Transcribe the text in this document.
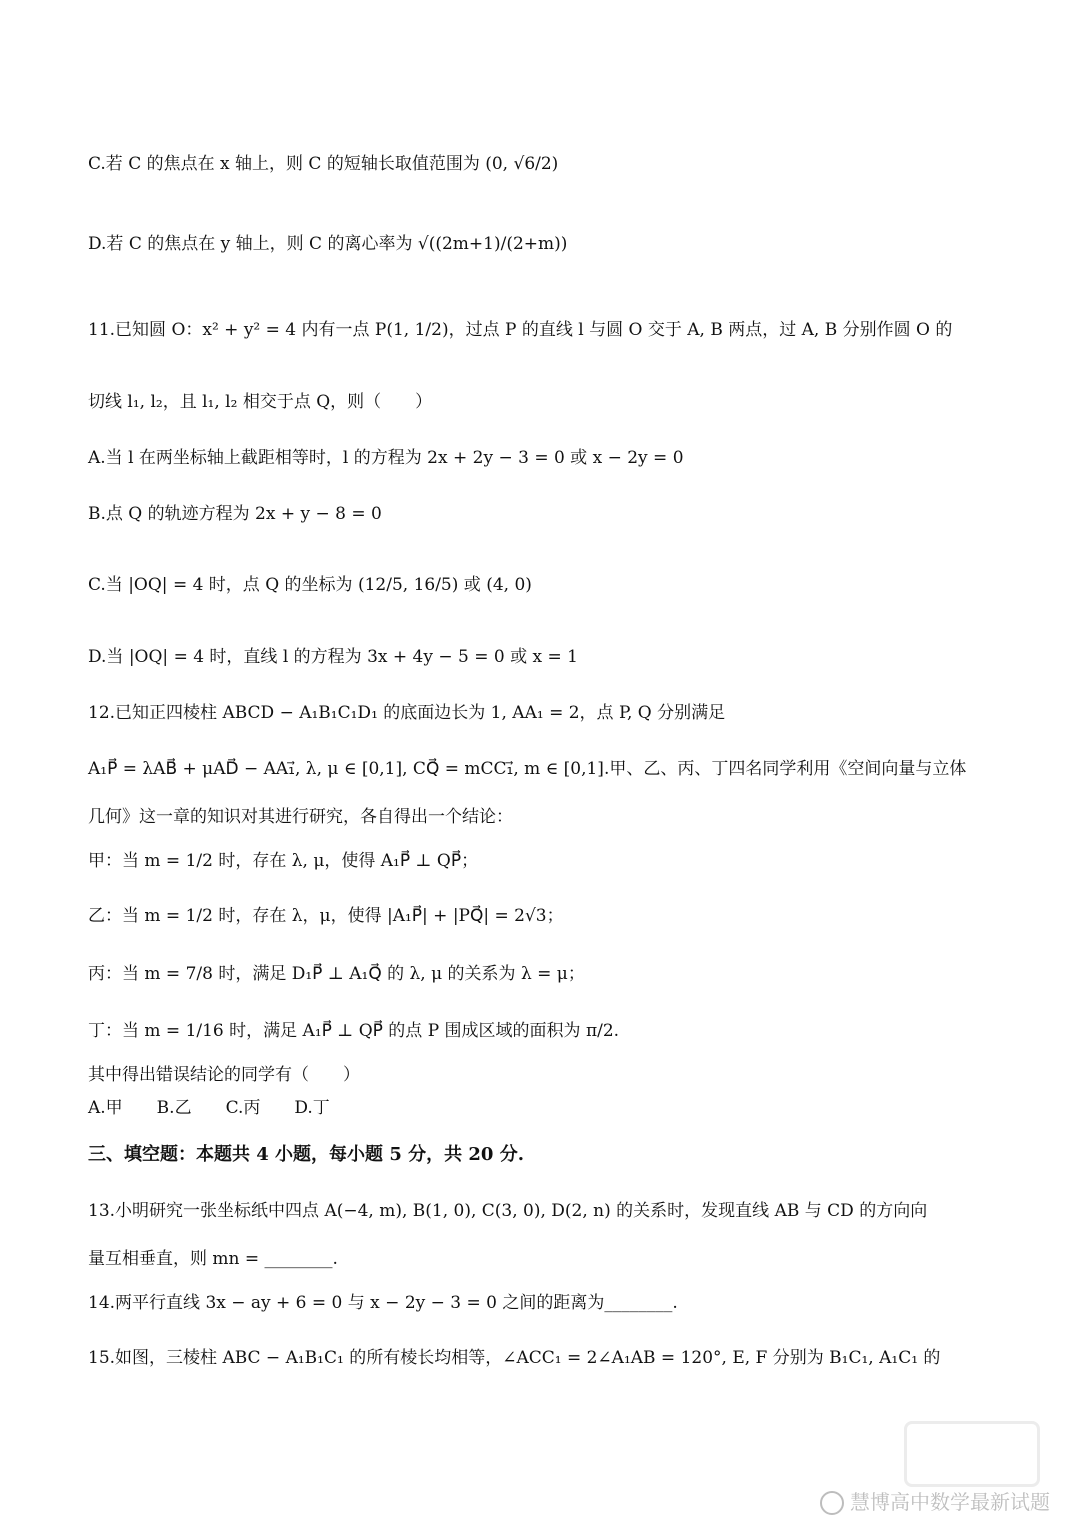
C.若 C 的焦点在 x 轴上，则 C 的短轴长取值范围为 (0, √6/2)
D.若 C 的焦点在 y 轴上，则 C 的离心率为 √((2m+1)/(2+m))
11.已知圆 O：x² + y² = 4 内有一点 P(1, 1/2)，过点 P 的直线 l 与圆 O 交于 A, B 两点，过 A, B 分别作圆 O 的
切线 l₁, l₂，且 l₁, l₂ 相交于点 Q，则（　　）
A.当 l 在两坐标轴上截距相等时，l 的方程为 2x + 2y − 3 = 0 或 x − 2y = 0
B.点 Q 的轨迹方程为 2x + y − 8 = 0
C.当 |OQ| = 4 时，点 Q 的坐标为 (12/5, 16/5) 或 (4, 0)
D.当 |OQ| = 4 时，直线 l 的方程为 3x + 4y − 5 = 0 或 x = 1
12.已知正四棱柱 ABCD − A₁B₁C₁D₁ 的底面边长为 1, AA₁ = 2，点 P, Q 分别满足
A₁P⃗ = λAB⃗ + μAD⃗ − AA₁⃗, λ, μ ∈ [0,1], CQ⃗ = mCC₁⃗, m ∈ [0,1].甲、乙、丙、丁四名同学利用《空间向量与立体
几何》这一章的知识对其进行研究，各自得出一个结论：
甲：当 m = 1/2 时，存在 λ, μ，使得 A₁P⃗ ⊥ QP⃗；
乙：当 m = 1/2 时，存在 λ，μ，使得 |A₁P⃗| + |PQ⃗| = 2√3；
丙：当 m = 7/8 时，满足 D₁P⃗ ⊥ A₁Q⃗ 的 λ, μ 的关系为 λ = μ；
丁：当 m = 1/16 时，满足 A₁P⃗ ⊥ QP⃗ 的点 P 围成区域的面积为 π/2.
其中得出错误结论的同学有（　　）
A.甲　　B.乙　　C.丙　　D.丁
三、填空题：本题共 4 小题，每小题 5 分，共 20 分.
13.小明研究一张坐标纸中四点 A(−4, m), B(1, 0), C(3, 0), D(2, n) 的关系时，发现直线 AB 与 CD 的方向向
量互相垂直，则 mn = ________.
14.两平行直线 3x − ay + 6 = 0 与 x − 2y − 3 = 0 之间的距离为________.
15.如图，三棱柱 ABC − A₁B₁C₁ 的所有棱长均相等，∠ACC₁ = 2∠A₁AB = 120°, E, F 分别为 B₁C₁, A₁C₁ 的
慧博高中数学最新试题
